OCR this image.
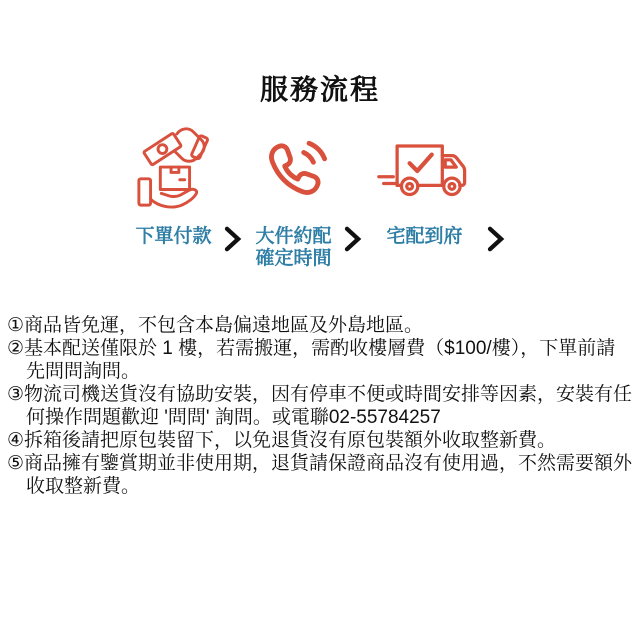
服務流程
下單付款 大件約配
確定時間
宅配到府
①商品皆免運，不包含本島偏遠地區及外島地區。
②基本配送僅限於 1 樓，若需搬運，需酌收樓層費（$100/樓），下單前請先問問詢問。
③物流司機送貨沒有協助安裝，因有停車不便或時間安排等因素，安裝有任何操作問題歡迎 '問問' 詢問。或電聯02-55784257
④拆箱後請把原包裝留下，以免退貨沒有原包裝額外收取整新費。
⑤商品擁有鑒賞期並非使用期，退貨請保證商品沒有使用過，不然需要額外收取整新費。
